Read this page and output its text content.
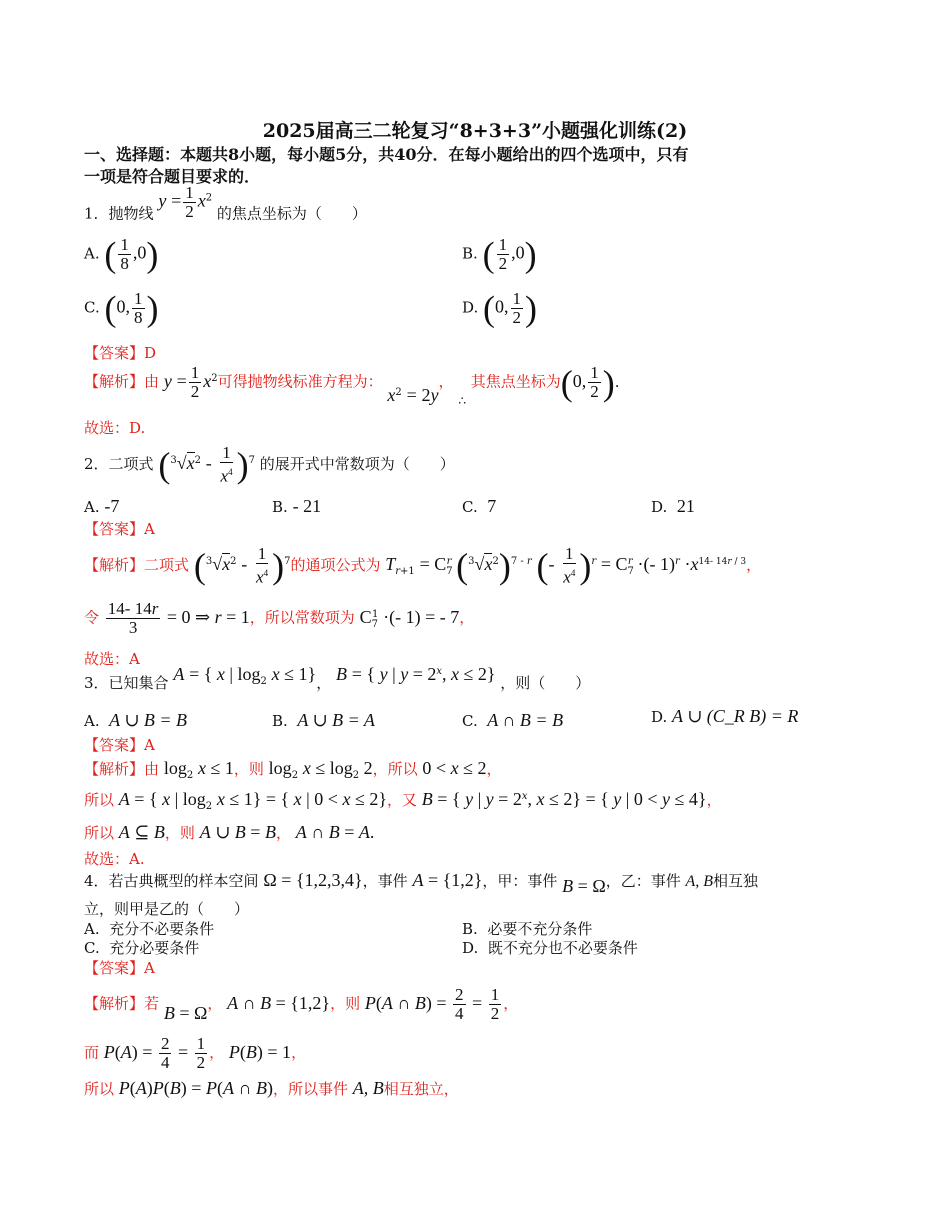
2025届高三二轮复习“8+3+3”小题强化训练(2)
一、选择题：本题共8小题，每小题5分，共40分．在每小题给出的四个选项中，只有
一项是符合题目要求的．
1．抛物线 $y = \frac{1}{2} x^2$ 的焦点坐标为（　　）
A. ( $\frac{1}{8} ,0$)	B. ( $\frac{1}{2} ,0$)
C. (0, $\frac{1}{8}$ )	D. (0, $\frac{1}{2}$ )
【答案】D
【解析】由 $y = \frac{1}{2} x^2$可得抛物线标准方程为： $x^2 = 2y$， $_\therefore$ 其焦点坐标为(0, $\frac{1}{2}$ ).
故选：D.
2．二项式 $(^3√x^2 - \frac{1}{x^4} )^7$ 的展开式中常数项为（　　）
A. -7	B. - 21	C. 7	D. 21
【答案】A
【解析】二项式 $(^3√x^2 - \frac{1}{x^4} )^7$的通项公式为 $T_{r+1} = C_7^r$ $(^3√x^2)^{7 - r}$ (- $\frac{1}{x^4} )^r = C_7^r$ ·(- $1)^r \cdot x^{14- 14r / 3}$，
令 $\frac{14- 14r}{3} = 0$ ⇒ r = 1，所以常数项为 $C_7^1$ ·(- 1) = - 7，
故选：A
3．已知集合 A = { x | $\log_2 x \le 1$}， B = { y | $y = 2^x$, x ≤ 2} ，则（　　）
A. A ∪ B = B	B. A ∪ B = A	C. A ∩ B = B	D. A ∪ (C_R B) = R
【答案】A
【解析】由 $\log_2 x \le 1$，则 $\log_2 x \le \log_2 2$，所以 0 < x ≤ 2，
所以 A = { x | $\log_2 x \le 1$} = { x | 0 < x ≤ 2}，又 B = { y | $y = 2^x$, x ≤ 2} = { y | 0 < y ≤ 4}，
所以 A ⊆ B，则 A ∪ B = B， A ∩ B = A.
故选：A.
4．若古典概型的样本空间 Ω = {1,2,3,4}，事件 A = {1,2}，甲：事件 B = Ω，乙：事件 A, B相互独
立，则甲是乙的（　　）
A. 充分不必要条件	B. 必要不充分条件
C. 充分必要条件	D. 既不充分也不必要条件
【答案】A
【解析】若 B = Ω， A ∩ B = {1,2}，则 P(A ∩ $B) = \frac{2}{4} = \frac{1}{2}$ ，
而 $P(A) = \frac{2}{4} = \frac{1}{2}$ ， P(B) = 1，
所以 P(A)P(B) = P(A ∩ B)，所以事件 A, B相互独立，
